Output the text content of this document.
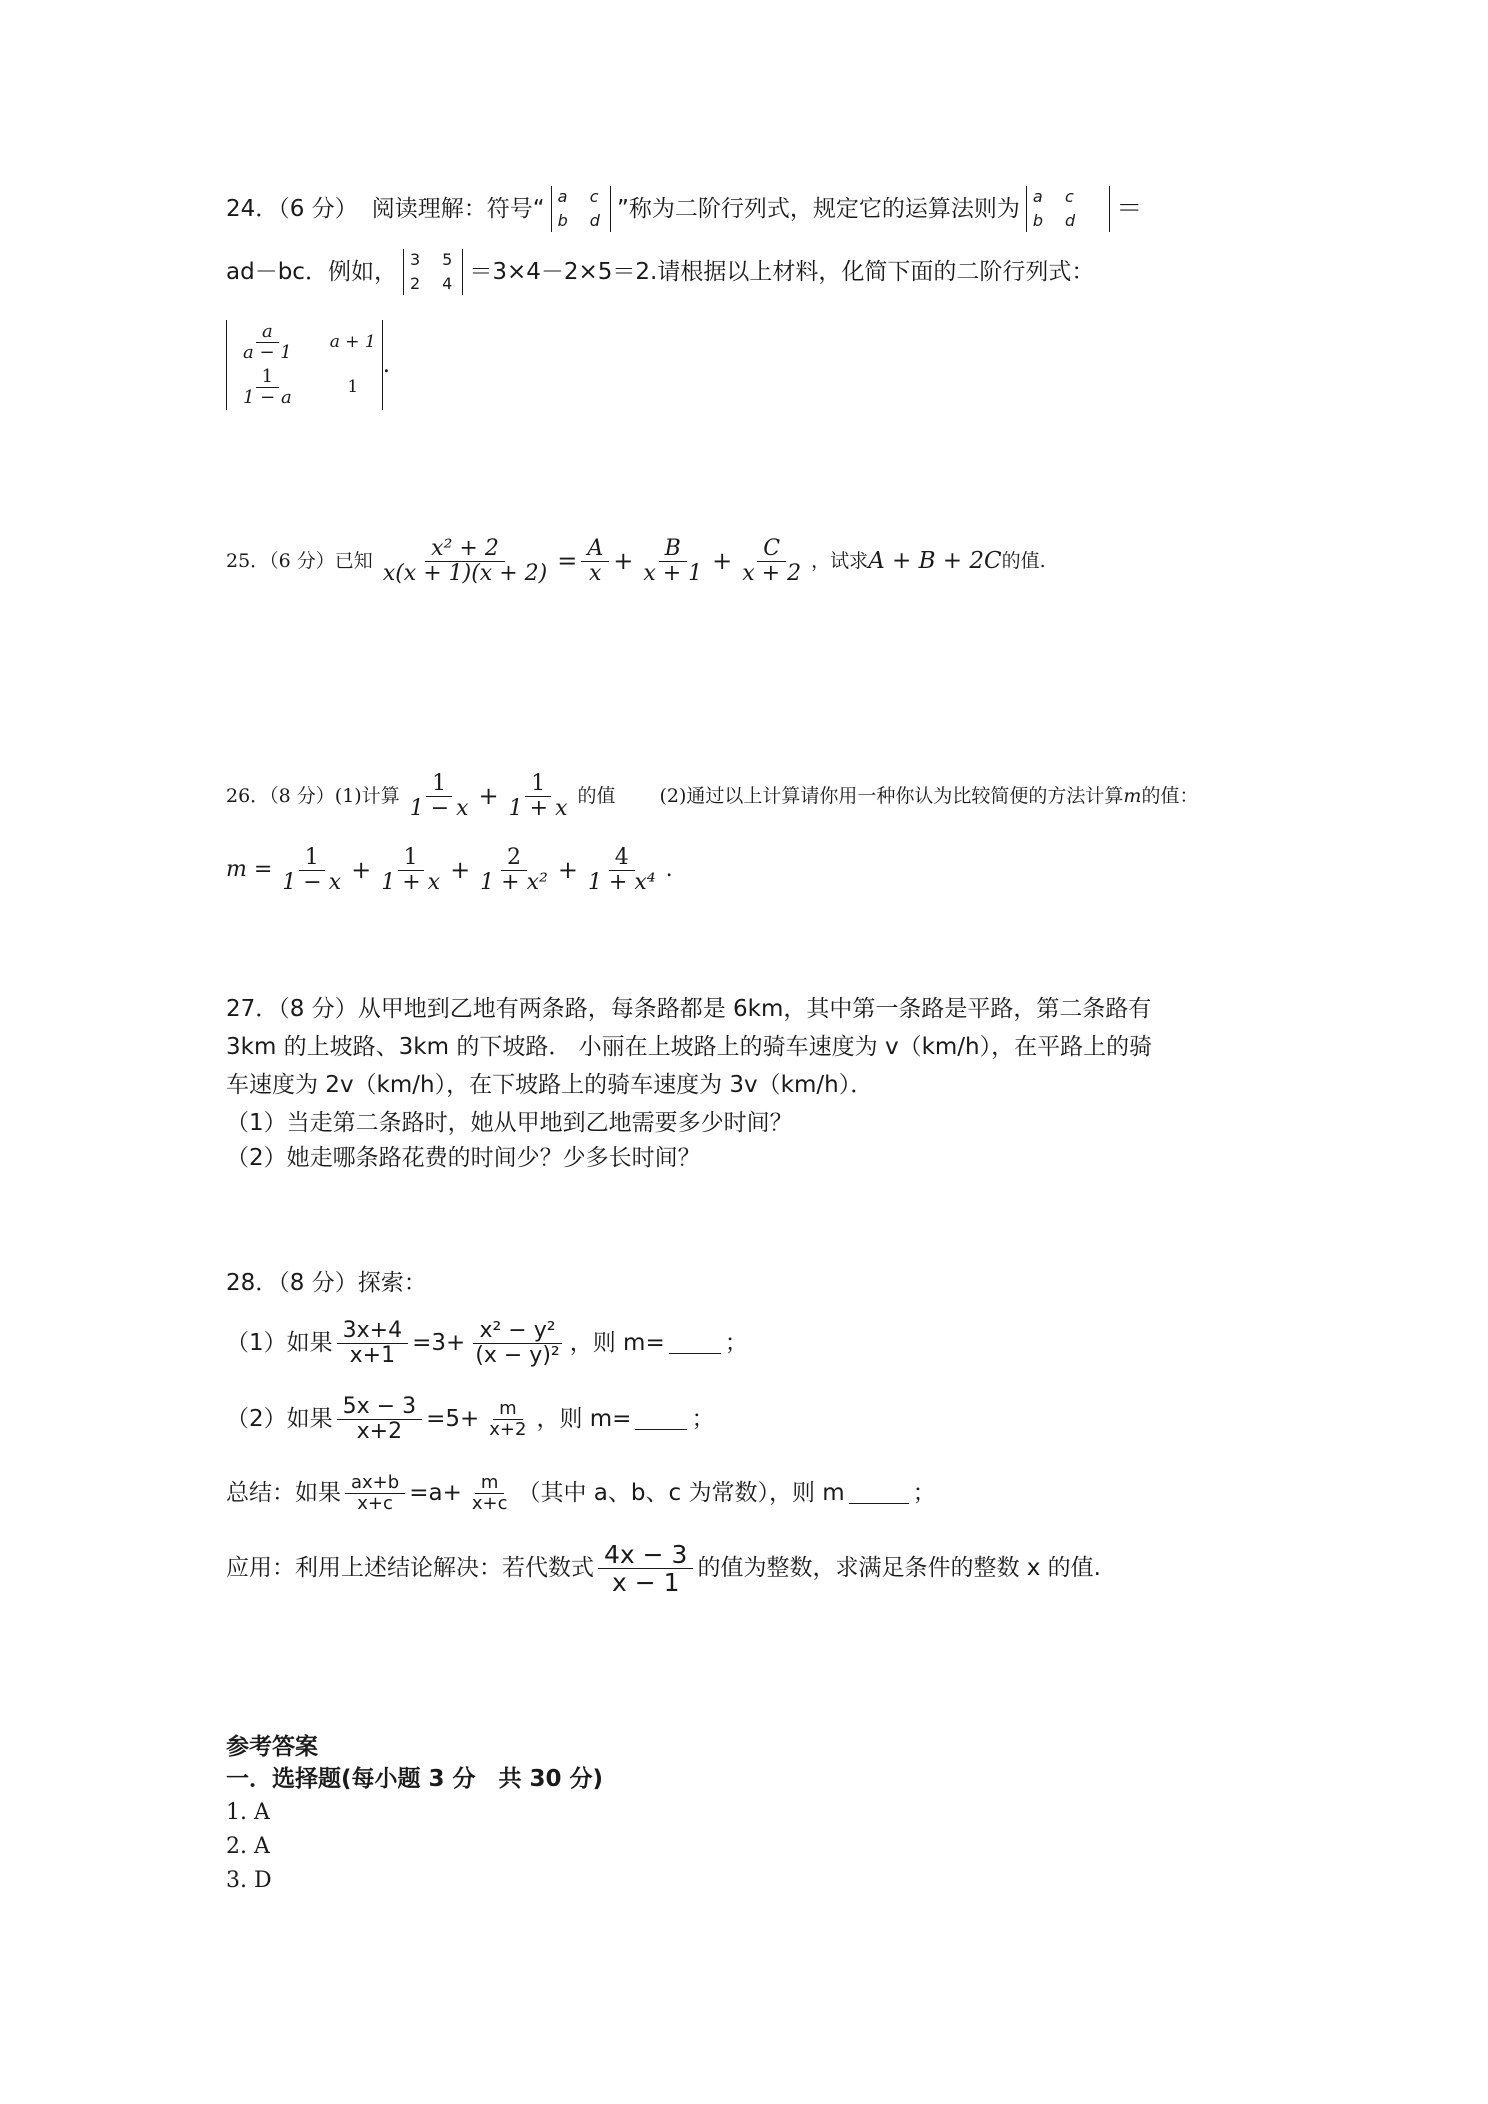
24．（6 分） 阅读理解：符号“ a c
b d ”称为二阶行列式，规定它的运算法则为 a c
b d ＝
ad－bc．例如， 3 5
2 4 ＝3×4－2×5＝2.请根据以上材料，化简下面的二阶行列式：
$\frac{a}{a - 1}$ a + 1
$\frac{1}{1 - a}$	1
.
25．（6 分）已知 $\frac{\text{x² + 2}}{x(x + 1)(x + 2)} = \frac{A}{x} + \frac{B}{x + 1} + \frac{C}{x + 2}$ ，试求 A + B + 2C 的值.
26．（8 分）(1)计算 $\frac{1}{1 - x} + \frac{1}{1 + x}$ 的值 (2)通过以上计算请你用一种你认为比较简便的方法计算 m 的值：
$m = \frac{1}{1 - x} + \frac{1}{1 + x} + \frac{2}{\text{1 + x²}} + \frac{4}{\text{1 + x⁴}}$ .
27．（8 分）从甲地到乙地有两条路，每条路都是 6km，其中第一条路是平路，第二条路有
3km 的上坡路、3km 的下坡路． 小丽在上坡路上的骑车速度为 v（km/h），在平路上的骑
车速度为 2v（km/h），在下坡路上的骑车速度为 3v（km/h）．
（1）当走第二条路时，她从甲地到乙地需要多少时间？
（2）她走哪条路花费的时间少？少多长时间？
28．（8 分）探索：
（1）如果 $\frac{3x+4}{x+1} =3+ \frac{\text{x² − y²}}{\text{(x − y)²}}$ ，则 m=	；
（2）如果 $\frac{5x - 3}{x+2} =5+ \frac{m}{x+2}$ ，则 m=	；
总结：如果 $\frac{ax+b}{x+c} =a+ \frac{m}{x+c}$ （其中 a、b、c 为常数），则 m	；
应用：利用上述结论解决：若代数式 $\frac{4x - 3}{x - 1}$ 的值为整数，求满足条件的整数 x 的值.
参考答案
一．选择题(每小题 3 分　共 30 分)
1. A
2. A
3. D
